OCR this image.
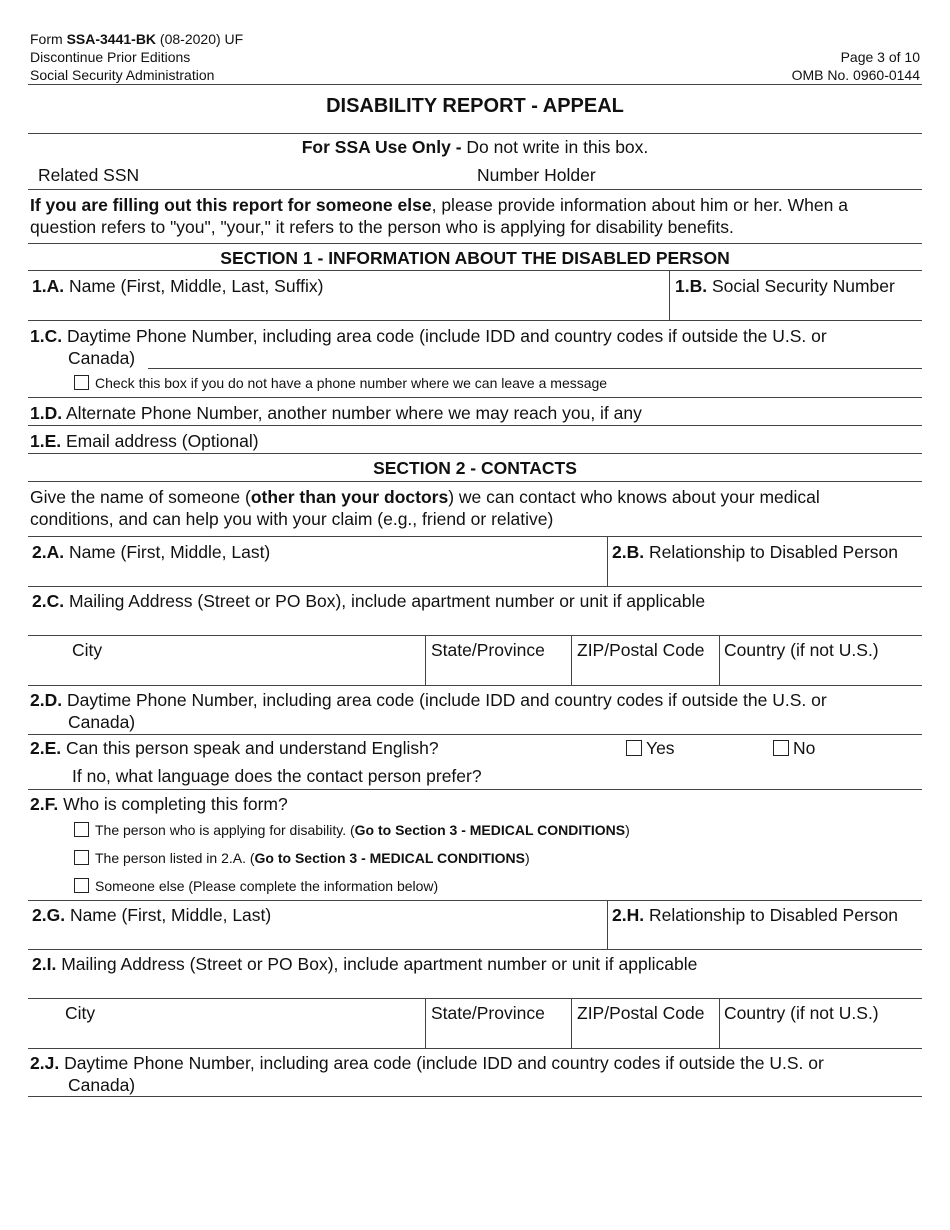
Form SSA-3441-BK (08-2020) UF
Discontinue Prior Editions
Social Security Administration
Page 3 of 10
OMB No. 0960-0144
DISABILITY REPORT - APPEAL
For SSA Use Only - Do not write in this box.
Related SSN	Number Holder
If you are filling out this report for someone else, please provide information about him or her. When a
question refers to "you", "your," it refers to the person who is applying for disability benefits.
SECTION 1 - INFORMATION ABOUT THE DISABLED PERSON
1.A. Name (First, Middle, Last, Suffix)	1.B. Social Security Number
1.C. Daytime Phone Number, including area code (include IDD and country codes if outside the U.S. or
Canada)
Check this box if you do not have a phone number where we can leave a message
1.D. Alternate Phone Number, another number where we may reach you, if any
1.E. Email address (Optional)
SECTION 2 - CONTACTS
Give the name of someone (other than your doctors) we can contact who knows about your medical
conditions, and can help you with your claim (e.g., friend or relative)
2.A. Name (First, Middle, Last)	2.B. Relationship to Disabled Person
2.C. Mailing Address (Street or PO Box), include apartment number or unit if applicable
City	State/Province ZIP/Postal Code Country (if not U.S.)
2.D. Daytime Phone Number, including area code (include IDD and country codes if outside the U.S. or
Canada)
2.E. Can this person speak and understand English?	Yes	No
If no, what language does the contact person prefer?
2.F. Who is completing this form?
The person who is applying for disability. (Go to Section 3 - MEDICAL CONDITIONS)
The person listed in 2.A. (Go to Section 3 - MEDICAL CONDITIONS)
Someone else (Please complete the information below)
2.G. Name (First, Middle, Last)	2.H. Relationship to Disabled Person
2.I. Mailing Address (Street or PO Box), include apartment number or unit if applicable
City	State/Province ZIP/Postal Code Country (if not U.S.)
2.J. Daytime Phone Number, including area code (include IDD and country codes if outside the U.S. or
Canada)
